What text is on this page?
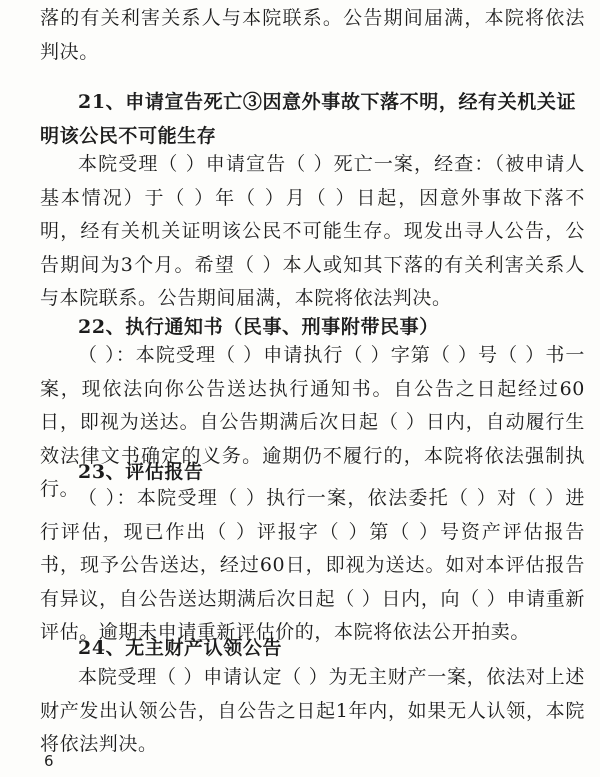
落的有关利害关系人与本院联系。公告期间届满，本院将依法判决。

21、申请宣告死亡③因意外事故下落不明，经有关机关证明该公民不可能生存

本院受理（ ）申请宣告（ ）死亡一案，经查：（被申请人基本情况）于（ ）年（ ）月（ ）日起，因意外事故下落不明，经有关机关证明该公民不可能生存。现发出寻人公告，公告期间为3个月。希望（ ）本人或知其下落的有关利害关系人与本院联系。公告期间届满，本院将依法判决。

22、执行通知书（民事、刑事附带民事）

（ ）：本院受理（ ）申请执行（ ）字第（ ）号（ ）书一案，现依法向你公告送达执行通知书。自公告之日起经过60日，即视为送达。自公告期满后次日起（ ）日内，自动履行生效法律文书确定的义务。逾期仍不履行的，本院将依法强制执行。

23、评估报告

（ ）：本院受理（ ）执行一案，依法委托（ ）对（ ）进行评估，现已作出（ ）评报字（ ）第（ ）号资产评估报告书，现予公告送达，经过60日，即视为送达。如对本评估报告有异议，自公告送达期满后次日起（ ）日内，向（ ）申请重新评估。逾期未申请重新评估价的，本院将依法公开拍卖。

24、无主财产认领公告

本院受理（ ）申请认定（ ）为无主财产一案，依法对上述财产发出认领公告，自公告之日起1年内，如果无人认领，本院将依法判决。

6
